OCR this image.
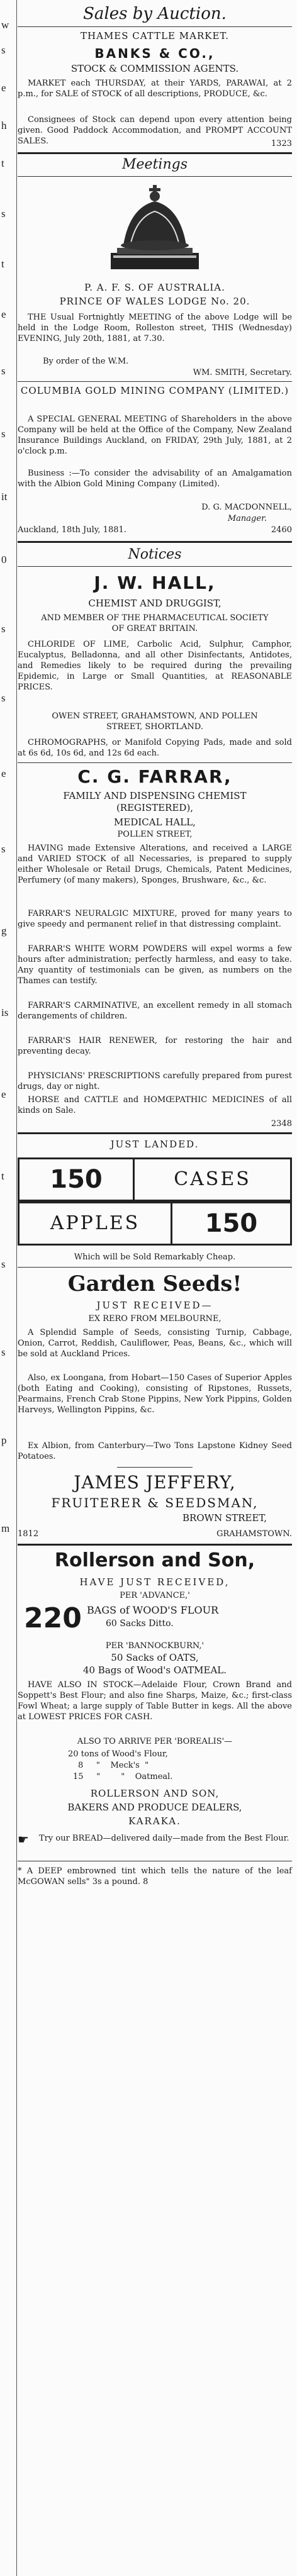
w
s
e
h
t
s
t
e
s
s
it
0
s
s
e
s
g
is
e
t
s
s
p
m
Sales by Auction.
THAMES CATTLE MARKET.
BANKS & CO.,
STOCK & COMMISSION AGENTS.
MARKET each THURSDAY, at their YARDS, PARAWAI, at 2 p.m., for SALE of STOCK of all descriptions, PRODUCE, &c.
Consignees of Stock can depend upon every attention being given. Good Paddock Accommodation, and PROMPT ACCOUNT SALES.	1323
Meetings
P. A. F. S. OF AUSTRALIA.
PRINCE OF WALES LODGE No. 20.
THE Usual Fortnightly MEETING of the above Lodge will be held in the Lodge Room, Rolleston street, THIS (Wednesday) EVENING, July 20th, 1881, at 7.30.
By order of the W.M.
WM. SMITH, Secretary.
COLUMBIA GOLD MINING COMPANY (LIMITED.)
A SPECIAL GENERAL MEETING of Shareholders in the above Company will be held at the Office of the Company, New Zealand Insurance Buildings Auckland, on FRIDAY, 29th July, 1881, at 2 o'clock p.m.
Business :—To consider the advisability of an Amalgamation with the Albion Gold Mining Company (Limited).
D. G. MACDONNELL,
Manager.
Auckland, 18th July, 1881.	2460
Notices
J. W. HALL,
CHEMIST AND DRUGGIST,
AND MEMBER OF THE PHARMACEUTICAL SOCIETY OF GREAT BRITAIN.
CHLORIDE OF LIME, Carbolic Acid, Sulphur, Camphor, Eucalyptus, Belladonna, and all other Disinfectants, Antidotes, and Remedies likely to be required during the prevailing Epidemic, in Large or Small Quantities, at REASONABLE PRICES.
OWEN STREET, GRAHAMSTOWN, AND POLLEN STREET, SHORTLAND.
CHROMOGRAPHS, or Manifold Copying Pads, made and sold at 6s 6d, 10s 6d, and 12s 6d each.
C. G. FARRAR,
FAMILY AND DISPENSING CHEMIST (REGISTERED),
MEDICAL HALL,
POLLEN STREET,
HAVING made Extensive Alterations, and received a LARGE and VARIED STOCK of all Necessaries, is prepared to supply either Wholesale or Retail Drugs, Chemicals, Patent Medicines, Perfumery (of many makers), Sponges, Brushware, &c., &c.
FARRAR'S NEURALGIC MIXTURE, proved for many years to give speedy and permanent relief in that distressing complaint.
FARRAR'S WHITE WORM POWDERS will expel worms a few hours after administration; perfectly harmless, and easy to take. Any quantity of testimonials can be given, as numbers on the Thames can testify.
FARRAR'S CARMINATIVE, an excellent remedy in all stomach derangements of children.
FARRAR'S HAIR RENEWER, for restoring the hair and preventing decay.
PHYSICIANS' PRESCRIPTIONS carefully prepared from purest drugs, day or night.
HORSE and CATTLE and HOMŒPATHIC MEDICINES of all kinds on Sale.
2348
JUST LANDED.
150	CASES
APPLES	150
Which will be Sold Remarkably Cheap.
Garden Seeds!
JUST RECEIVED—
EX RERO FROM MELBOURNE,
A Splendid Sample of Seeds, consisting Turnip, Cabbage, Onion, Carrot, Reddish, Cauliflower, Peas, Beans, &c., which will be sold at Auckland Prices.
Also, ex Loongana, from Hobart—150 Cases of Superior Apples (both Eating and Cooking), consisting of Ripstones, Russets, Pearmains, French Crab Stone Pippins, New York Pippins, Golden Harveys, Wellington Pippins, &c.
Ex Albion, from Canterbury—Two Tons Lapstone Kidney Seed Potatoes.
JAMES JEFFERY,
FRUITERER & SEEDSMAN,
BROWN STREET,
1812	GRAHAMSTOWN.
Rollerson and Son,
HAVE JUST RECEIVED,
PER 'ADVANCE,'
220 BAGS of WOOD'S FLOUR
60 Sacks Ditto.
PER 'BANNOCKBURN,'
50 Sacks of OATS,
40 Bags of Wood's OATMEAL.
HAVE ALSO IN STOCK—Adelaide Flour, Crown Brand and Soppett's Best Flour; and also fine Sharps, Maize, &c.; first-class Fowl Wheat; a large supply of Table Butter in kegs. All the above at LOWEST PRICES FOR CASH.
ALSO TO ARRIVE PER 'BOREALIS'—
20 tons of Wood's Flour,
8     "    Meck's  "
15     "        "    Oatmeal.
ROLLERSON AND SON,
BAKERS AND PRODUCE DEALERS,
KARAKA.
☛ Try our BREAD—delivered daily—made from the Best Flour.
* A DEEP embrowned tint which tells the nature of the leaf McGOWAN sells" 3s a pound. 8
